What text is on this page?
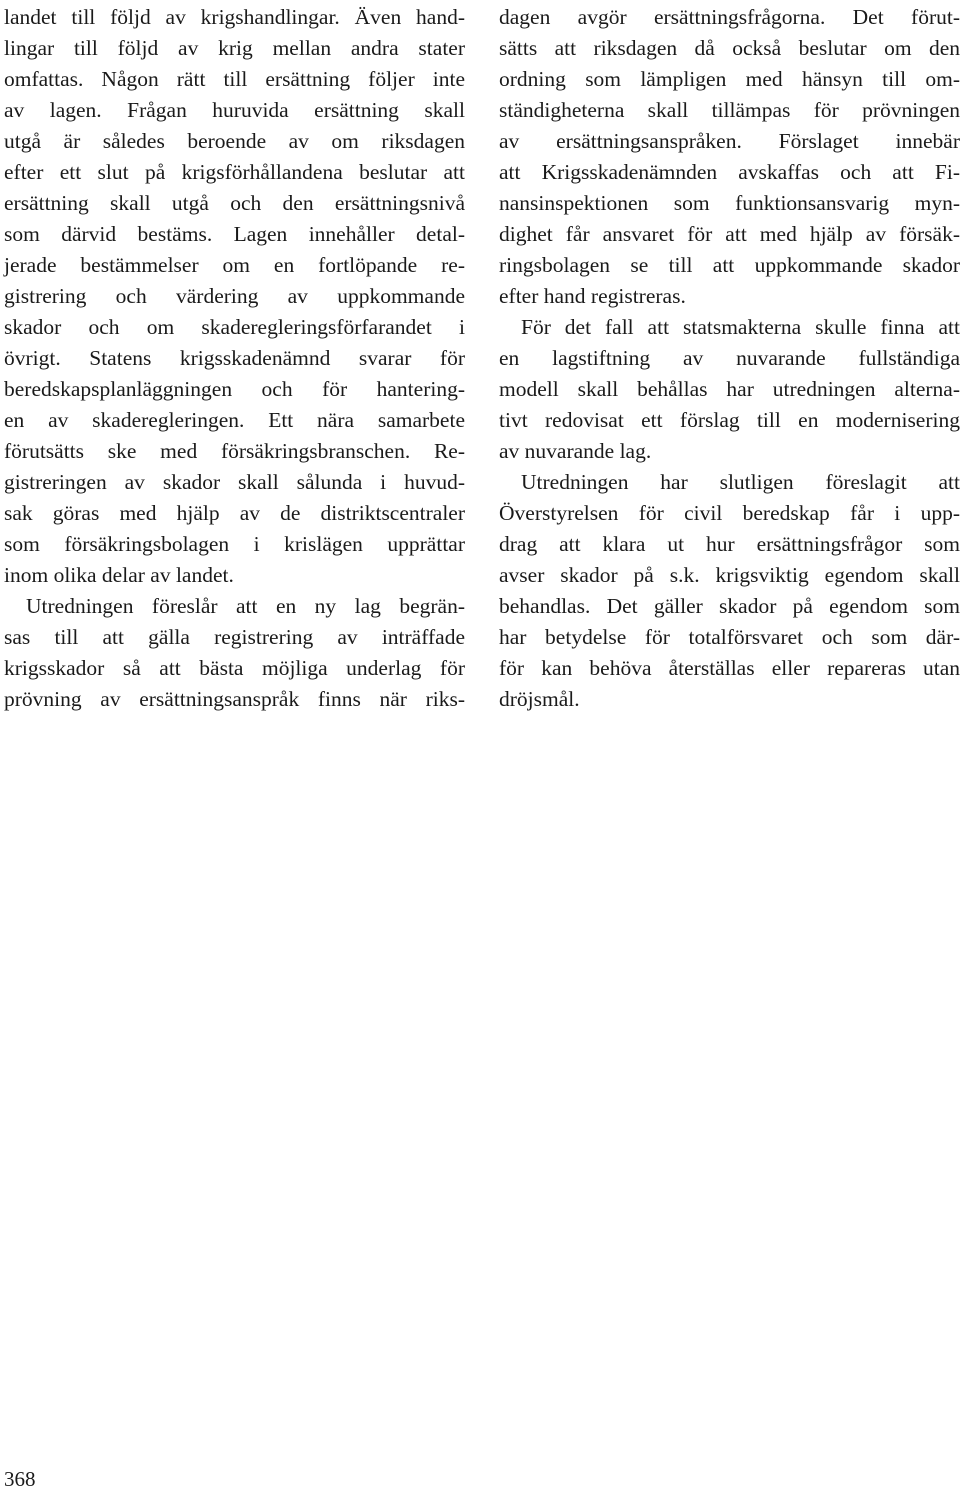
landet till följd av krigshandlingar. Även hand-
lingar till följd av krig mellan andra stater
omfattas. Någon rätt till ersättning följer inte
av lagen. Frågan huruvida ersättning skall
utgå är således beroende av om riksdagen
efter ett slut på krigsförhållandena beslutar att
ersättning skall utgå och den ersättningsnivå
som därvid bestäms. Lagen innehåller detal-
jerade bestämmelser om en fortlöpande re-
gistrering och värdering av uppkommande
skador och om skaderegleringsförfarandet i
övrigt. Statens krigsskadenämnd svarar för
beredskapsplanläggningen och för hantering-
en av skaderegleringen. Ett nära samarbete
förutsätts ske med försäkringsbranschen. Re-
gistreringen av skador skall sålunda i huvud-
sak göras med hjälp av de distriktscentraler
som försäkringsbolagen i krislägen upprättar
inom olika delar av landet.
Utredningen föreslår att en ny lag begrän-
sas till att gälla registrering av inträffade
krigsskador så att bästa möjliga underlag för
prövning av ersättningsanspråk finns när riks-
dagen avgör ersättningsfrågorna. Det förut-
sätts att riksdagen då också beslutar om den
ordning som lämpligen med hänsyn till om-
ständigheterna skall tillämpas för prövningen
av ersättningsanspråken. Förslaget innebär
att Krigsskadenämnden avskaffas och att Fi-
nansinspektionen som funktionsansvarig myn-
dighet får ansvaret för att med hjälp av försäk-
ringsbolagen se till att uppkommande skador
efter hand registreras.
För det fall att statsmakterna skulle finna att
en lagstiftning av nuvarande fullständiga
modell skall behållas har utredningen alterna-
tivt redovisat ett förslag till en modernisering
av nuvarande lag.
Utredningen har slutligen föreslagit att
Överstyrelsen för civil beredskap får i upp-
drag att klara ut hur ersättningsfrågor som
avser skador på s.k. krigsviktig egendom skall
behandlas. Det gäller skador på egendom som
har betydelse för totalförsvaret och som där-
för kan behöva återställas eller repareras utan
dröjsmål.
368
